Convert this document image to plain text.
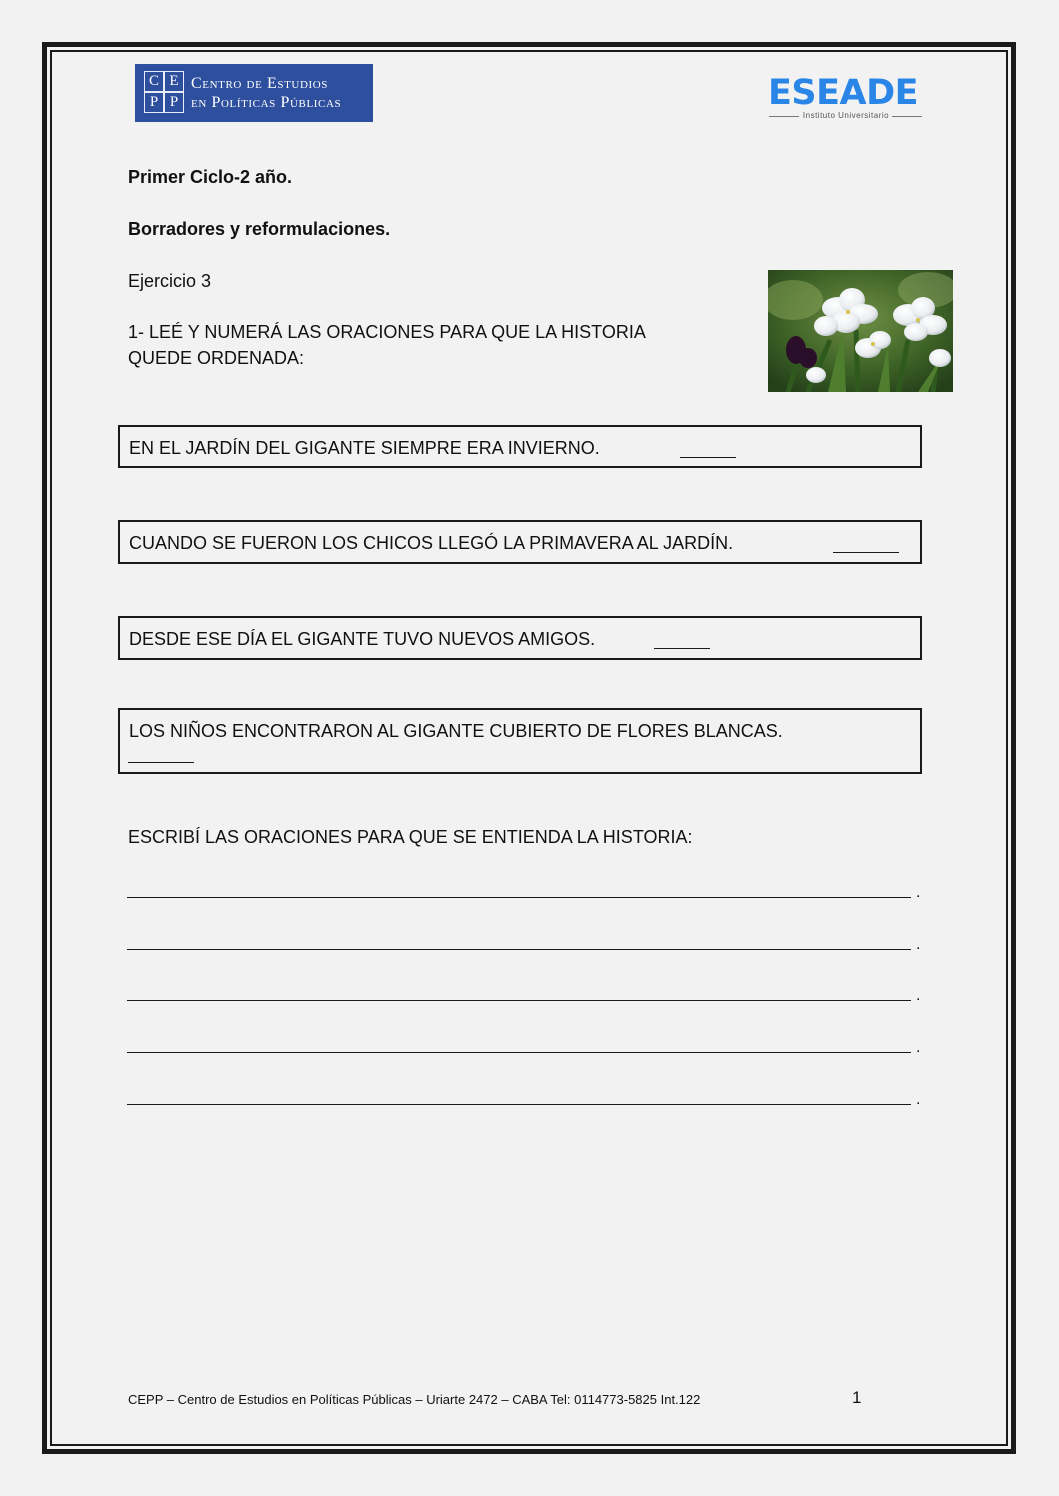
C E
P P
Centro de Estudios
en Políticas Públicas	ESEADE
Instituto Universitario
Primer Ciclo-2 año.
Borradores y reformulaciones.
Ejercicio 3
1- LEÉ Y NUMERÁ LAS ORACIONES PARA QUE LA HISTORIA
QUEDE ORDENADA:
EN EL JARDÍN DEL GIGANTE SIEMPRE ERA INVIERNO.
CUANDO SE FUERON LOS CHICOS LLEGÓ LA PRIMAVERA AL JARDÍN.
DESDE ESE DÍA EL GIGANTE TUVO NUEVOS AMIGOS.
LOS NIÑOS ENCONTRARON AL GIGANTE CUBIERTO DE FLORES BLANCAS.
ESCRIBÍ LAS ORACIONES PARA QUE SE ENTIENDA LA HISTORIA:
.
.
.
.
.
CEPP – Centro de Estudios en Políticas Públicas – Uriarte 2472 – CABA Tel: 0114773-5825 Int.122	1
